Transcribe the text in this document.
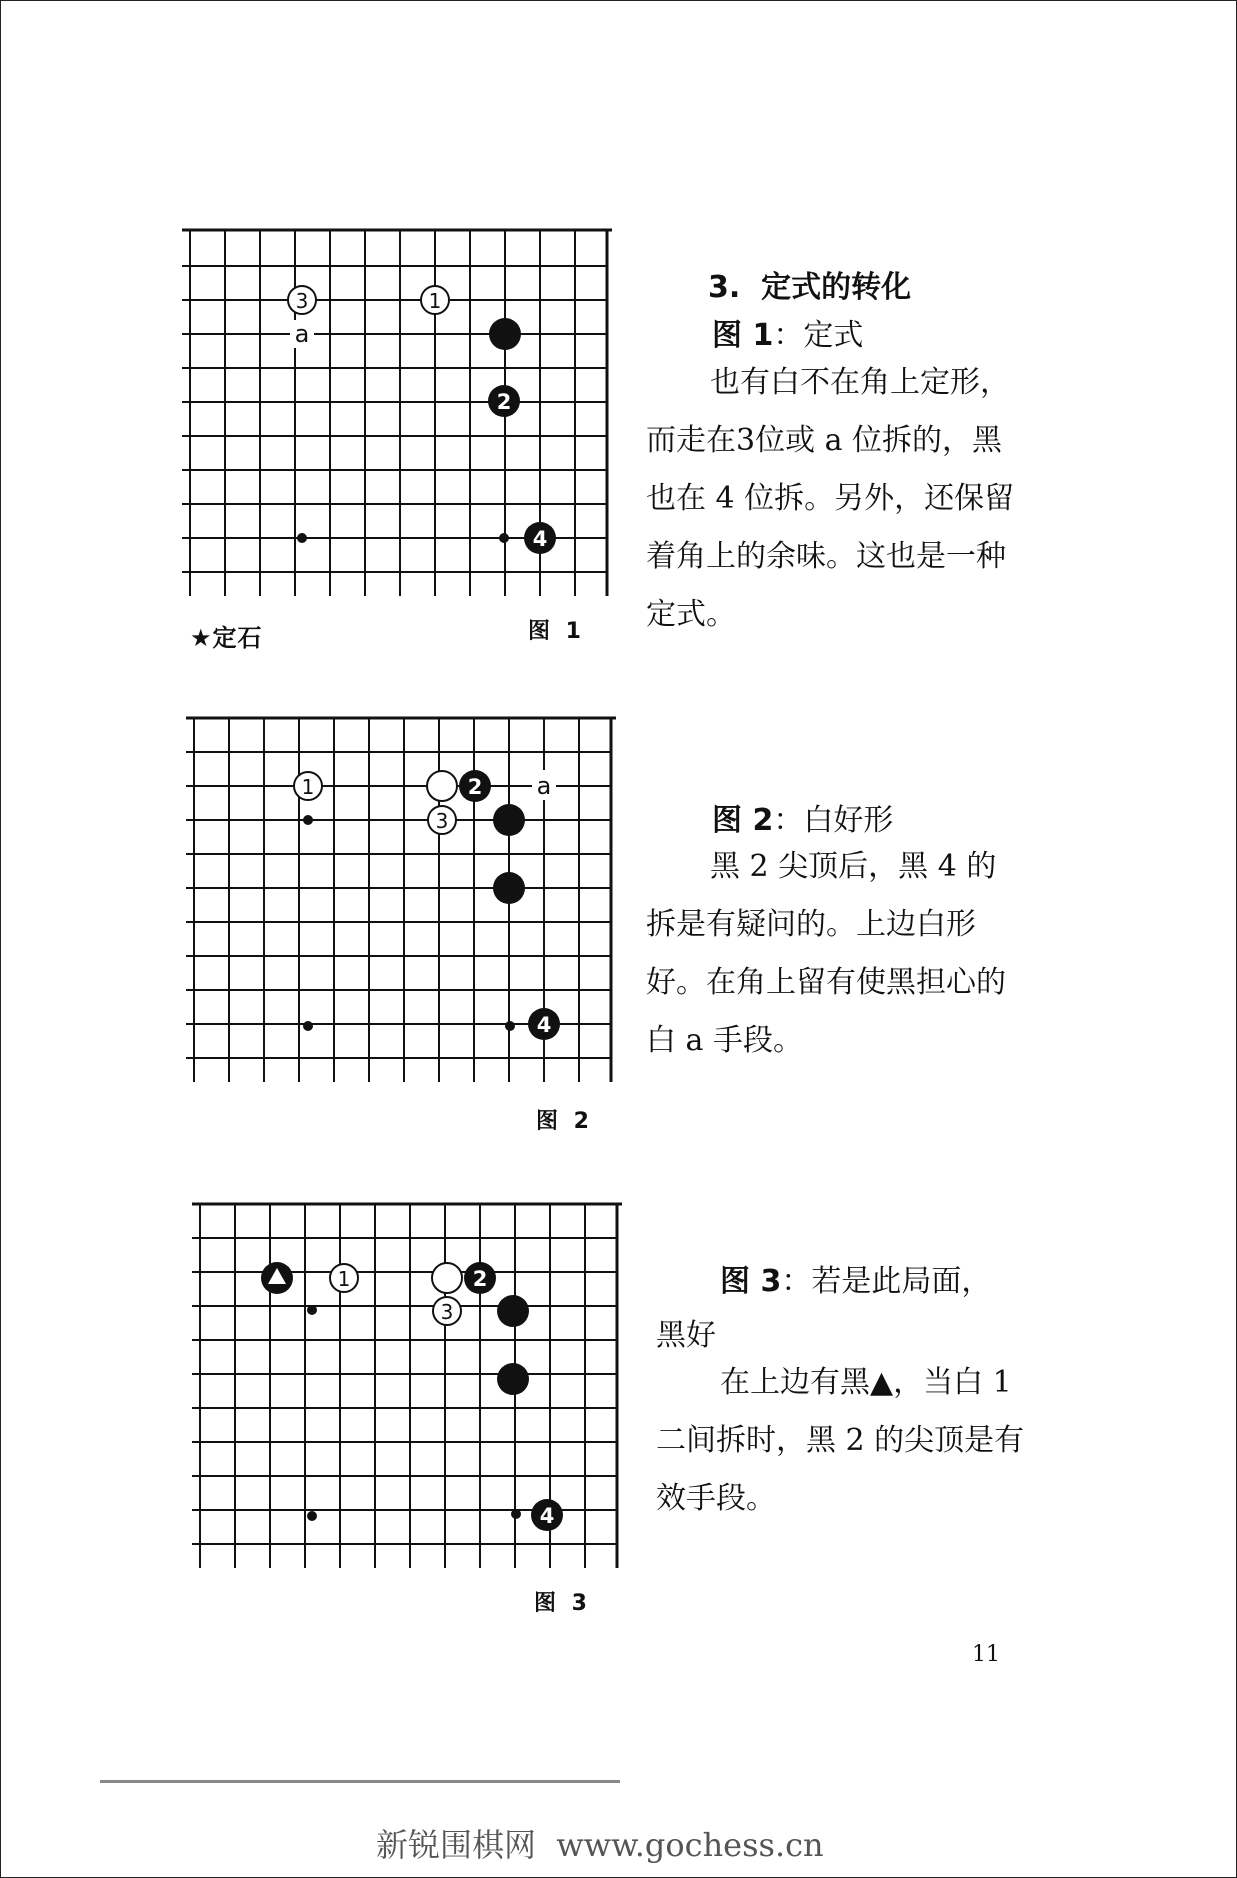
3	1
2
4
a
★定石	图 1
3. 定式的转化
图 1：定式
也有白不在角上定形，而走在3位或 a 位拆的，黑也在 4 位拆。另外，还保留着角上的余味。这也是一种定式。
1	2
3
4
a
图 2
图 2：白好形
黑 2 尖顶后，黑 4 的拆是有疑问的。上边白形好。在角上留有使黑担心的白 a 手段。
1	2
3
4
图 3
图 3：若是此局面，
黑好
在上边有黑▲，当白 1 二间拆时，黑 2 的尖顶是有效手段。
11
新锐围棋网  www.gochess.cn
